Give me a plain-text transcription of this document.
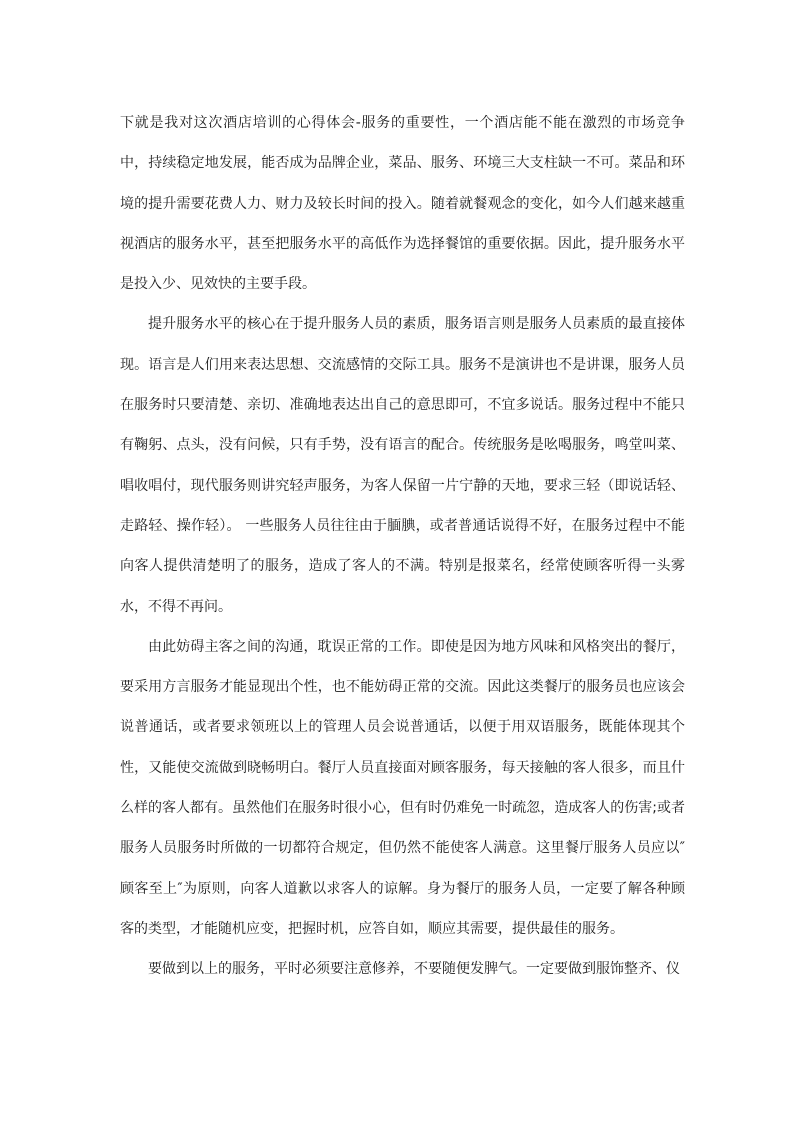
下就是我对这次酒店培训的心得体会-服务的重要性，一个酒店能不能在激烈的市场竞争中，持续稳定地发展，能否成为品牌企业，菜品、服务、环境三大支柱缺一不可。菜品和环境的提升需要花费人力、财力及较长时间的投入。随着就餐观念的变化，如今人们越来越重视酒店的服务水平，甚至把服务水平的高低作为选择餐馆的重要依据。因此，提升服务水平是投入少、见效快的主要手段。

提升服务水平的核心在于提升服务人员的素质，服务语言则是服务人员素质的最直接体现。语言是人们用来表达思想、交流感情的交际工具。服务不是演讲也不是讲课，服务人员在服务时只要清楚、亲切、准确地表达出自己的意思即可，不宜多说话。服务过程中不能只有鞠躬、点头，没有问候，只有手势，没有语言的配合。传统服务是吆喝服务，鸣堂叫菜、唱收唱付，现代服务则讲究轻声服务，为客人保留一片宁静的天地，要求三轻（即说话轻、走路轻、操作轻）。 一些服务人员往往由于腼腆，或者普通话说得不好，在服务过程中不能向客人提供清楚明了的服务，造成了客人的不满。特别是报菜名，经常使顾客听得一头雾水，不得不再问。

由此妨碍主客之间的沟通，耽误正常的工作。即使是因为地方风味和风格突出的餐厅，要采用方言服务才能显现出个性，也不能妨碍正常的交流。因此这类餐厅的服务员也应该会说普通话，或者要求领班以上的管理人员会说普通话，以便于用双语服务，既能体现其个性，又能使交流做到晓畅明白。餐厅人员直接面对顾客服务，每天接触的客人很多，而且什么样的客人都有。虽然他们在服务时很小心，但有时仍难免一时疏忽，造成客人的伤害;或者服务人员服务时所做的一切都符合规定，但仍然不能使客人满意。这里餐厅服务人员应以″顾客至上″为原则，向客人道歉以求客人的谅解。身为餐厅的服务人员，一定要了解各种顾客的类型，才能随机应变，把握时机，应答自如，顺应其需要，提供最佳的服务。

要做到以上的服务，平时必须要注意修养，不要随便发脾气。一定要做到服饰整齐、仪
